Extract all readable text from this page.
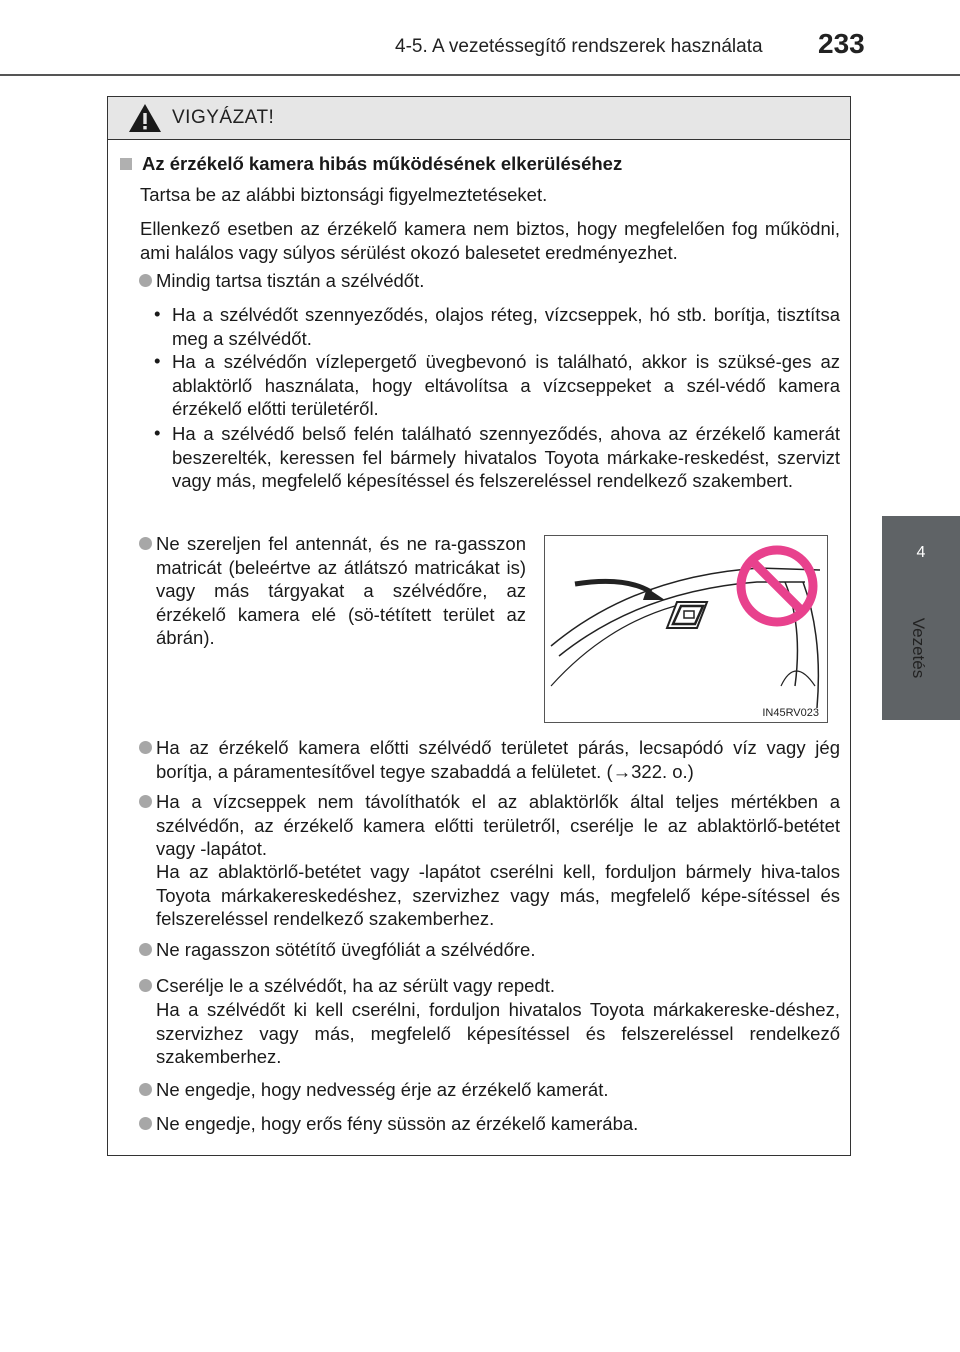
4-5. A vezetéssegítő rendszerek használata 233
4
Vezetés
VIGYÁZAT!
Az érzékelő kamera hibás működésének elkerüléséhez
Tartsa be az alábbi biztonsági figyelmeztetéseket.
Ellenkező esetben az érzékelő kamera nem biztos, hogy megfelelően fog működni, ami halálos vagy súlyos sérülést okozó balesetet eredményezhet.
Mindig tartsa tisztán a szélvédőt.
• Ha a szélvédőt szennyeződés, olajos réteg, vízcseppek, hó stb. borítja, tisztítsa meg a szélvédőt.
• Ha a szélvédőn vízlepergető üvegbevonó is található, akkor is szüksé-ges az ablaktörlő használata, hogy eltávolítsa a vízcseppeket a szél-védő kamera érzékelő előtti területéről.
• Ha a szélvédő belső felén található szennyeződés, ahova az érzékelő kamerát beszerelték, keressen fel bármely hivatalos Toyota márkake-reskedést, szervizt vagy más, megfelelő képesítéssel és felszereléssel rendelkező szakembert.
Ne szereljen fel antennát, és ne ra-gasszon matricát (beleértve az átlátszó matricákat is) vagy más tárgyakat a szélvédőre, az érzékelő kamera elé (sö-tétített terület az ábrán).
IN45RV023
Ha az érzékelő kamera előtti szélvédő területet párás, lecsapódó víz vagy jég borítja, a páramentesítővel tegye szabaddá a felületet. (→322. o.)
Ha a vízcseppek nem távolíthatók el az ablaktörlők által teljes mértékben a szélvédőn, az érzékelő kamera előtti területről, cserélje le az ablaktörlő-betétet vagy -lapátot.
Ha az ablaktörlő-betétet vagy -lapátot cserélni kell, forduljon bármely hiva-talos Toyota márkakereskedéshez, szervizhez vagy más, megfelelő képe-sítéssel és felszereléssel rendelkező szakemberhez.
Ne ragasszon sötétítő üvegfóliát a szélvédőre.
Cserélje le a szélvédőt, ha az sérült vagy repedt.
Ha a szélvédőt ki kell cserélni, forduljon hivatalos Toyota márkakereske-déshez, szervizhez vagy más, megfelelő képesítéssel és felszereléssel rendelkező szakemberhez.
Ne engedje, hogy nedvesség érje az érzékelő kamerát.
Ne engedje, hogy erős fény süssön az érzékelő kamerába.
